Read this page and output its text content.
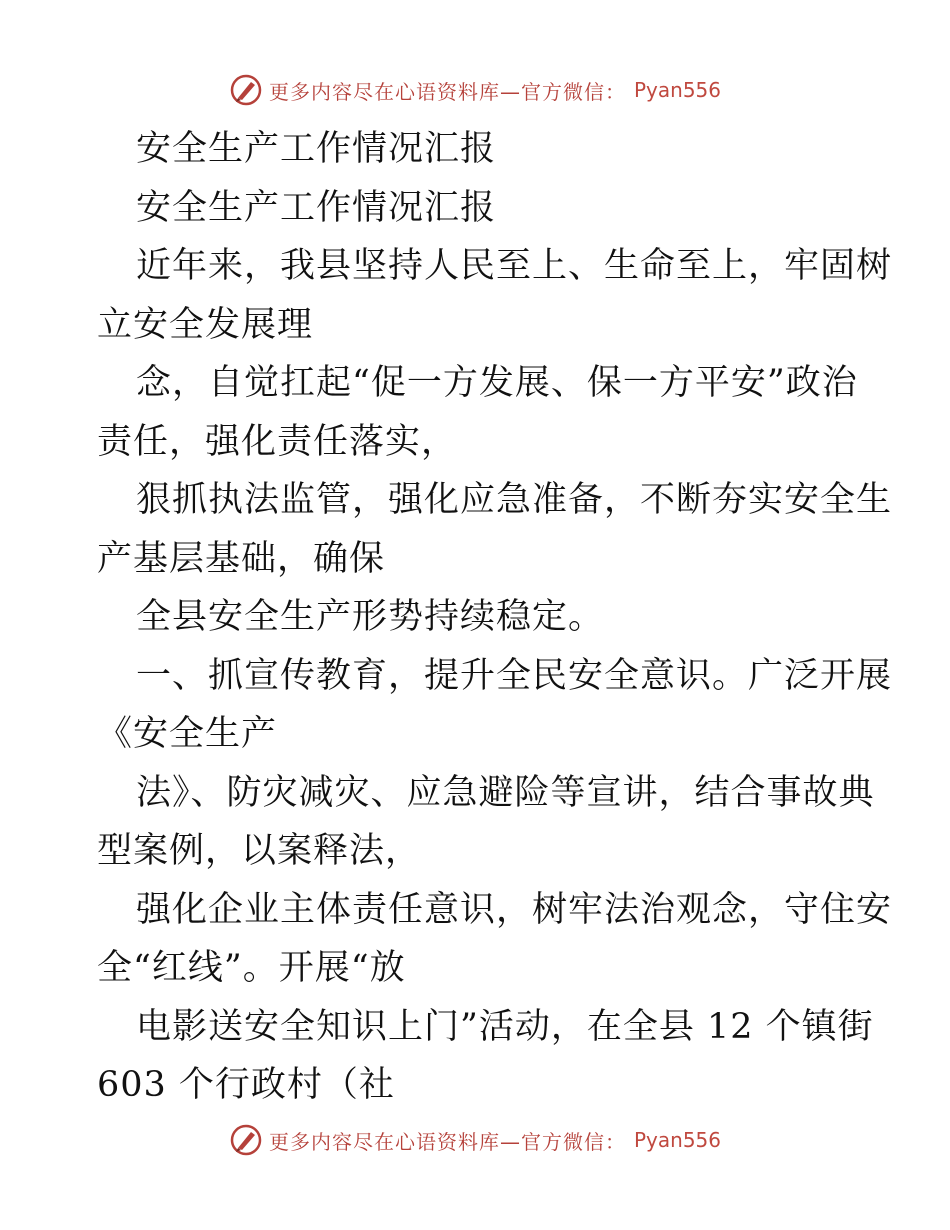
更多内容尽在心语资料库—官方微信： Pyan556
安全生产工作情况汇报
安全生产工作情况汇报
近年来，我县坚持人民至上、生命至上，牢固树
立安全发展理
念，自觉扛起“促一方发展、保一方平安”政治
责任，强化责任落实，
狠抓执法监管，强化应急准备，不断夯实安全生
产基层基础，确保
全县安全生产形势持续稳定。
一、抓宣传教育，提升全民安全意识。广泛开展
《安全生产
法》、防灾减灾、应急避险等宣讲，结合事故典
型案例，以案释法，
强化企业主体责任意识，树牢法治观念，守住安
全“红线”。开展“放
电影送安全知识上门”活动，在全县 12 个镇街
603 个行政村（社
更多内容尽在心语资料库—官方微信： Pyan556
